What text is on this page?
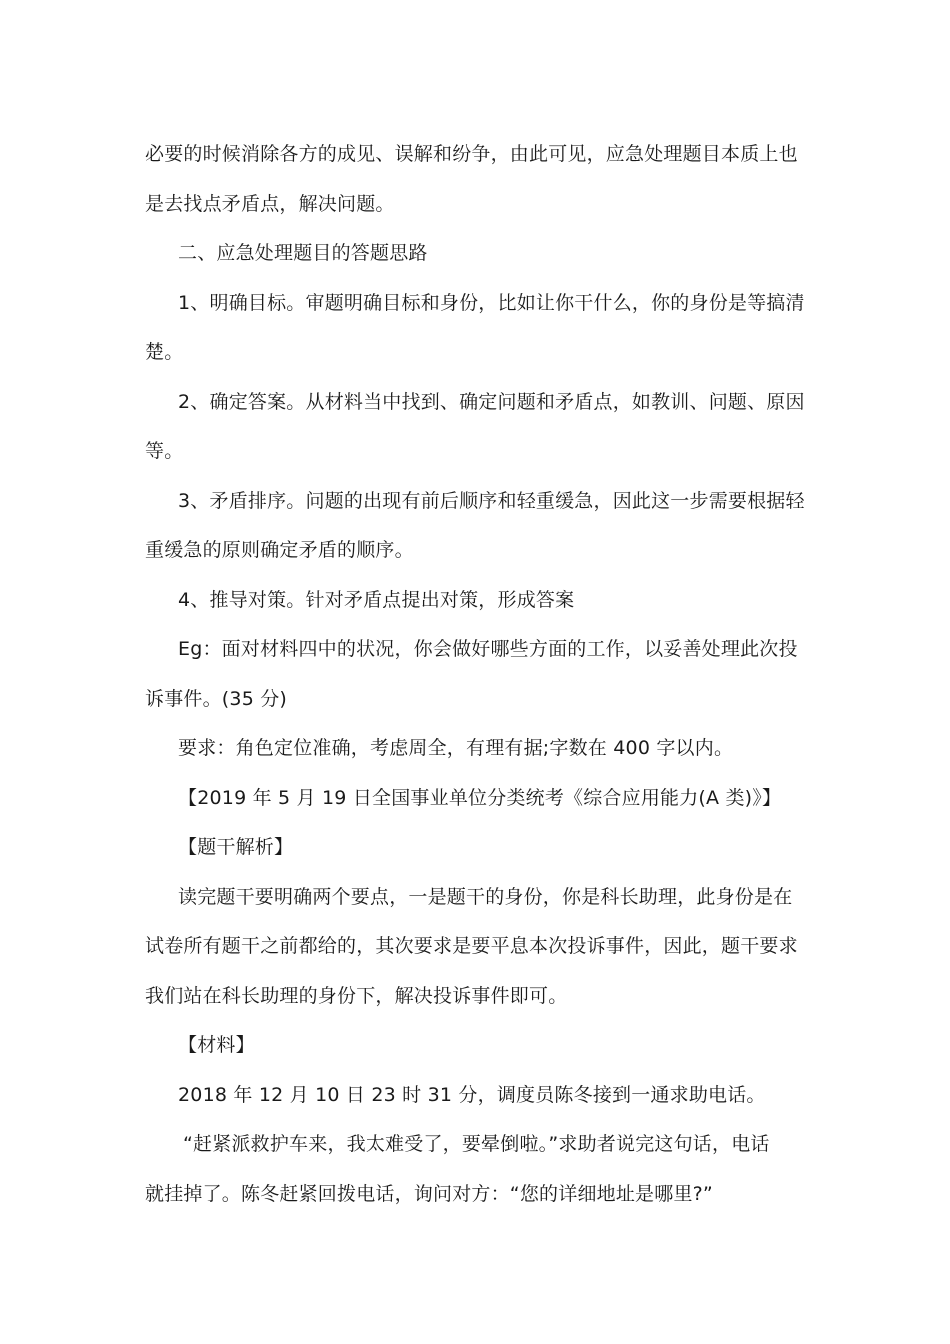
必要的时候消除各方的成见、误解和纷争，由此可见，应急处理题目本质上也
是去找点矛盾点，解决问题。
二、应急处理题目的答题思路
1、明确目标。审题明确目标和身份，比如让你干什么，你的身份是等搞清
楚。
2、确定答案。从材料当中找到、确定问题和矛盾点，如教训、问题、原因
等。
3、矛盾排序。问题的出现有前后顺序和轻重缓急，因此这一步需要根据轻
重缓急的原则确定矛盾的顺序。
4、推导对策。针对矛盾点提出对策，形成答案
Eg：面对材料四中的状况，你会做好哪些方面的工作，以妥善处理此次投
诉事件。(35 分)
要求：角色定位准确，考虑周全，有理有据;字数在 400 字以内。
【2019 年 5 月 19 日全国事业单位分类统考《综合应用能力(A 类)》】
【题干解析】
读完题干要明确两个要点，一是题干的身份，你是科长助理，此身份是在
试卷所有题干之前都给的，其次要求是要平息本次投诉事件，因此，题干要求
我们站在科长助理的身份下，解决投诉事件即可。
【材料】
2018 年 12 月 10 日 23 时 31 分，调度员陈冬接到一通求助电话。
“赶紧派救护车来，我太难受了，要晕倒啦。”求助者说完这句话，电话
就挂掉了。陈冬赶紧回拨电话，询问对方：“您的详细地址是哪里?”
